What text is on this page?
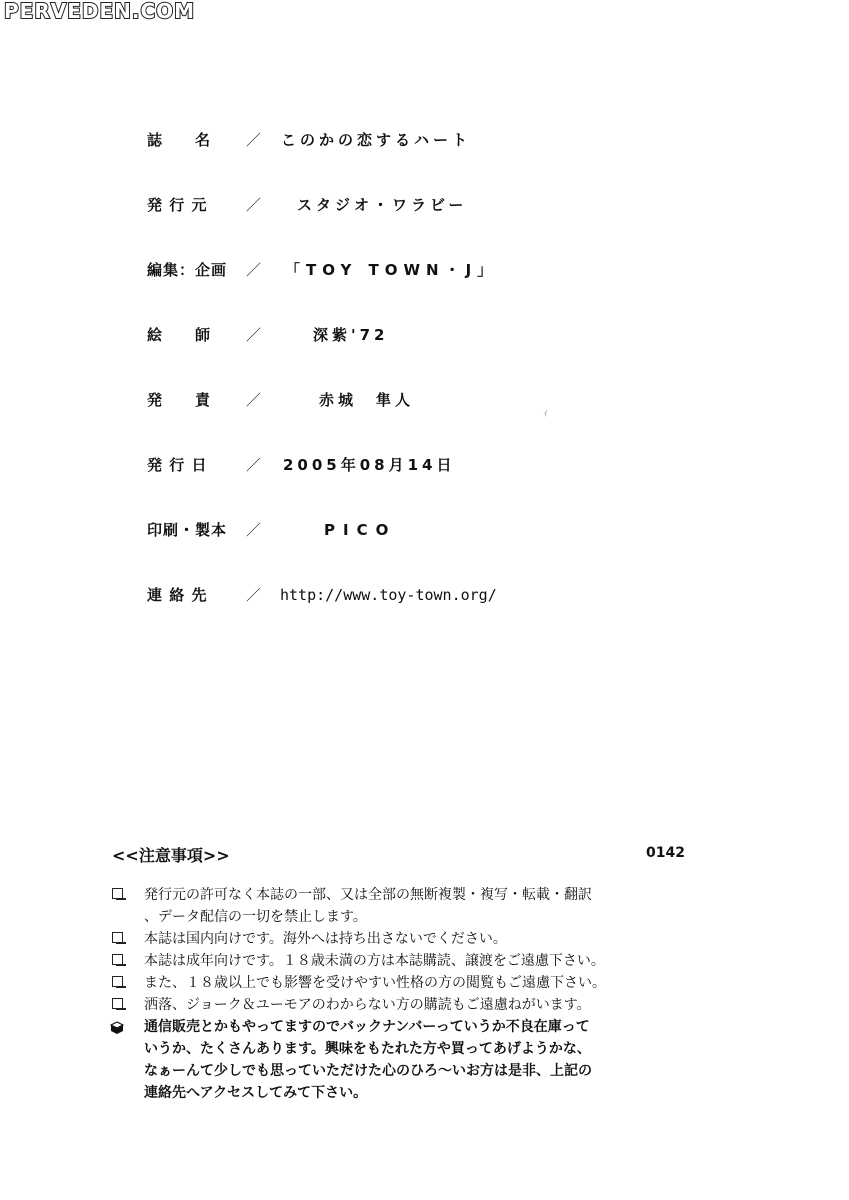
PERVEDEN.COM
誌　　名	／ このかの恋するハート
発 行 元	／ スタジオ・ワラビー
編集：企画	／ 「TOY TOWN・J」
絵　　師	／	深紫'72
発　　責	／	赤城　隼人
発 行 日	／ 2005年08月14日
印刷・製本	／	PICO
連 絡 先	／ http://www.toy-town.org/
ｨ
<<注意事項>>	0142
発行元の許可なく本誌の一部、又は全部の無断複製・複写・転載・翻訳
、データ配信の一切を禁止します。
本誌は国内向けです。海外へは持ち出さないでください。
本誌は成年向けです。１８歳未満の方は本誌購読、譲渡をご遠慮下さい。
また、１８歳以上でも影響を受けやすい性格の方の閲覧もご遠慮下さい。
洒落、ジョーク＆ユーモアのわからない方の購読もご遠慮ねがいます。
通信販売とかもやってますのでバックナンバーっていうか不良在庫って
いうか、たくさんあります。興味をもたれた方や買ってあげようかな、
なぁーんて少しでも思っていただけた心のひろ～いお方は是非、上記の
連絡先へアクセスしてみて下さい。
